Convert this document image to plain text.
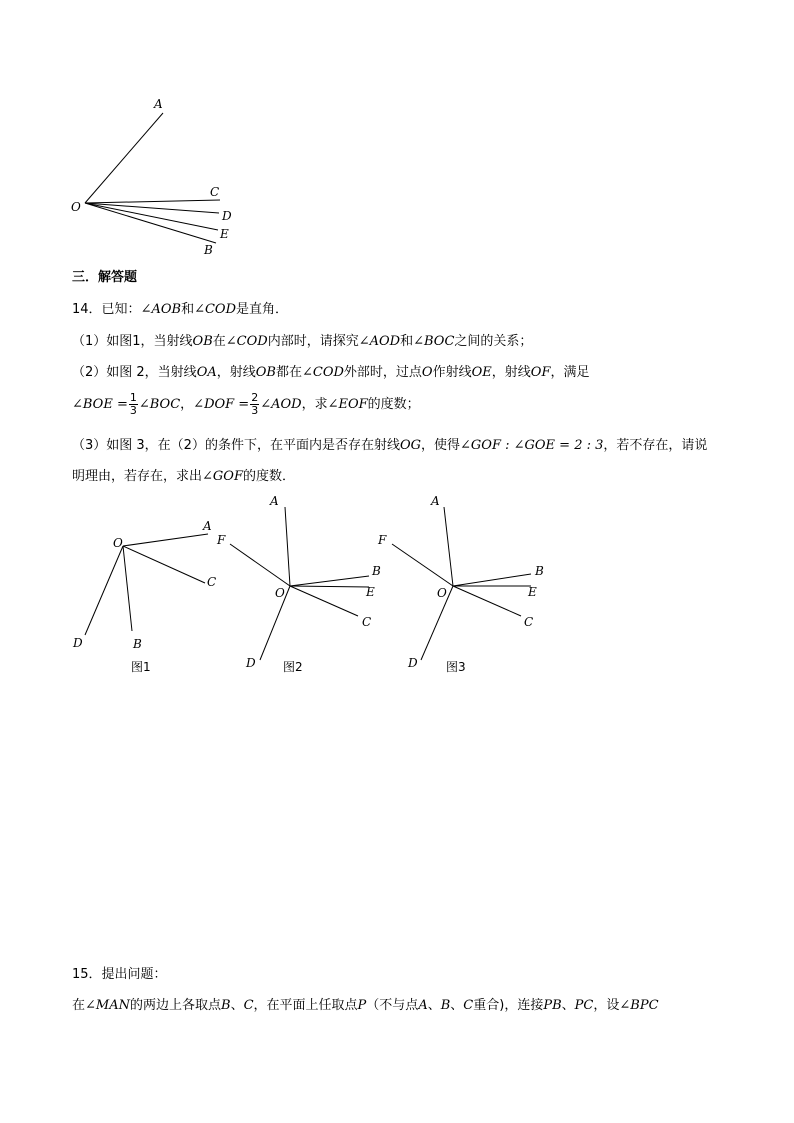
A
O
C
D
E
B
三．解答题
14．已知：∠AOB和∠COD是直角．
（1）如图1，当射线OB在∠COD内部时，请探究∠AOD和∠BOC之间的关系；
（2）如图 2，当射线OA，射线OB都在∠COD外部时，过点O作射线OE，射线OF，满足
∠BOE = $\frac{1}{3}$ ∠BOC，∠DOF = $\frac{2}{3}$ ∠AOD，求∠EOF的度数；
（3）如图 3，在（2）的条件下，在平面内是否存在射线OG，使得∠GOF : ∠GOE = 2 : 3，若不存在，请说
明理由，若存在，求出∠GOF的度数．
O
A
C
B
D
图1
A
F
B
E
O
C
D 图2
A
F
B
E
O
C
D 图3
15．提出问题：
在∠MAN的两边上各取点B、C，在平面上任取点P（不与点A、B、C重合)，连接PB、PC，设∠BPC
